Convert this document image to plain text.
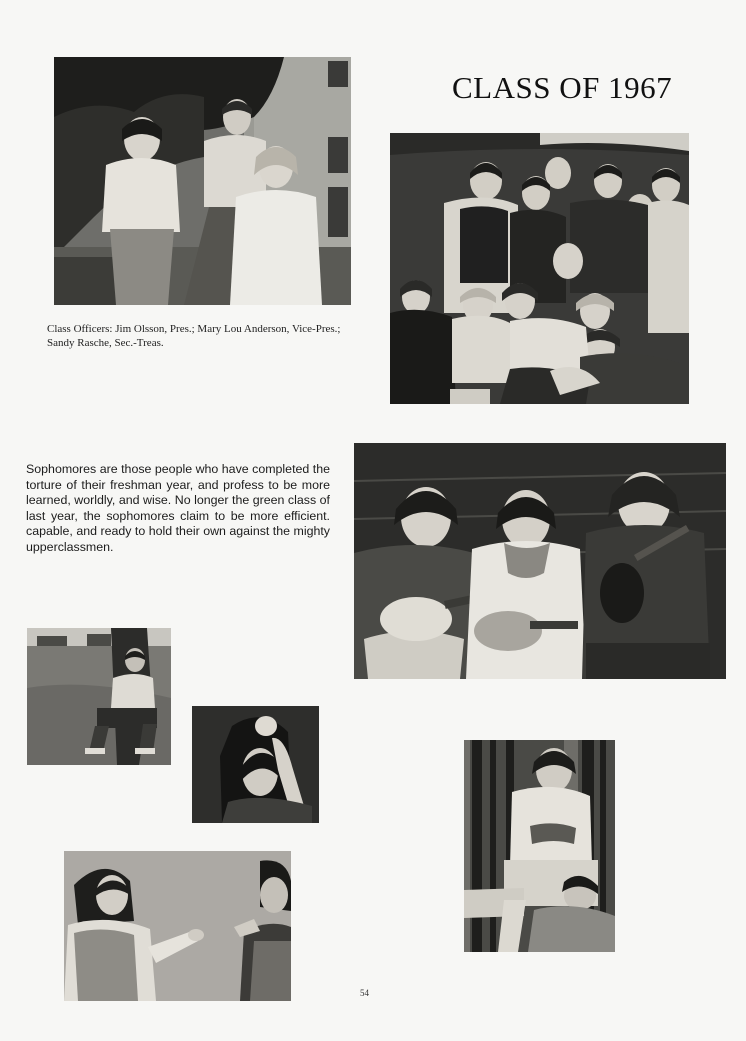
CLASS OF 1967
Class Officers: Jim Olsson, Pres.; Mary Lou Anderson, Vice-Pres.; Sandy Rasche, Sec.-Treas.
Sophomores are those people who have completed the torture of their freshman year, and profess to be more learned, worldly, and wise. No longer the green class of last year, the sophomores claim to be more efficient. capable, and ready to hold their own against the mighty upperclassmen.
54
